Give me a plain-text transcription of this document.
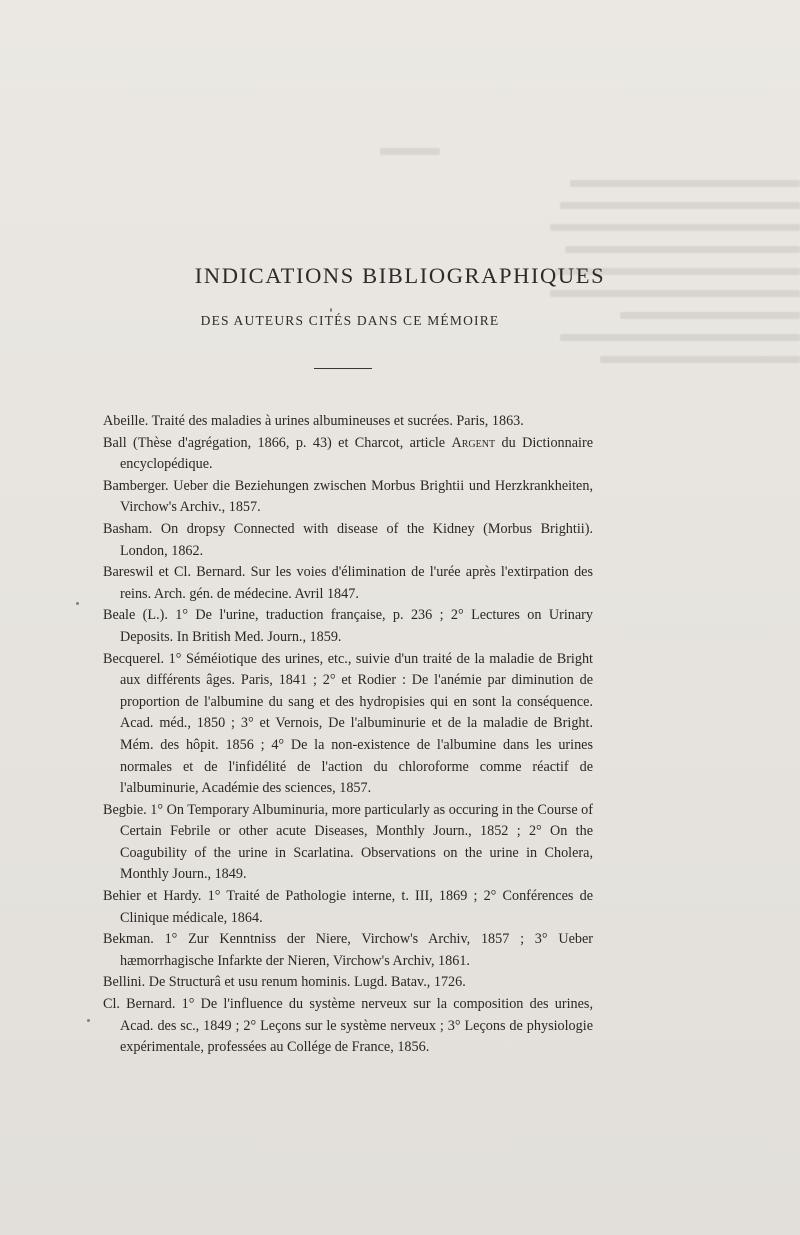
INDICATIONS BIBLIOGRAPHIQUES
DES AUTEURS CITÉS DANS CE MÉMOIRE
Abeille. Traité des maladies à urines albumineuses et sucrées. Paris, 1863.
Ball (Thèse d'agrégation, 1866, p. 43) et Charcot, article Argent du Dictionnaire encyclopédique.
Bamberger. Ueber die Beziehungen zwischen Morbus Brightii und Herzkrankheiten, Virchow's Archiv., 1857.
Basham. On dropsy Connected with disease of the Kidney (Morbus Brightii). London, 1862.
Bareswil et Cl. Bernard. Sur les voies d'élimination de l'urée après l'extirpation des reins. Arch. gén. de médecine. Avril 1847.
Beale (L.). 1° De l'urine, traduction française, p. 236 ; 2° Lectures on Urinary Deposits. In British Med. Journ., 1859.
Becquerel. 1° Séméiotique des urines, etc., suivie d'un traité de la maladie de Bright aux différents âges. Paris, 1841 ; 2° et Rodier : De l'anémie par diminution de proportion de l'albumine du sang et des hydropisies qui en sont la conséquence. Acad. méd., 1850 ; 3° et Vernois, De l'albuminurie et de la maladie de Bright. Mém. des hôpit. 1856 ; 4° De la non-existence de l'albumine dans les urines normales et de l'infidélité de l'action du chloroforme comme réactif de l'albuminurie, Académie des sciences, 1857.
Begbie. 1° On Temporary Albuminuria, more particularly as occuring in the Course of Certain Febrile or other acute Diseases, Monthly Journ., 1852 ; 2° On the Coagubility of the urine in Scarlatina. Observations on the urine in Cholera, Monthly Journ., 1849.
Behier et Hardy. 1° Traité de Pathologie interne, t. III, 1869 ; 2° Conférences de Clinique médicale, 1864.
Bekman. 1° Zur Kenntniss der Niere, Virchow's Archiv, 1857 ; 3° Ueber hæmorrhagische Infarkte der Nieren, Virchow's Archiv, 1861.
Bellini. De Structurâ et usu renum hominis. Lugd. Batav., 1726.
Cl. Bernard. 1° De l'influence du système nerveux sur la composition des urines, Acad. des sc., 1849 ; 2° Leçons sur le système nerveux ; 3° Leçons de physiologie expérimentale, professées au Collége de France, 1856.
